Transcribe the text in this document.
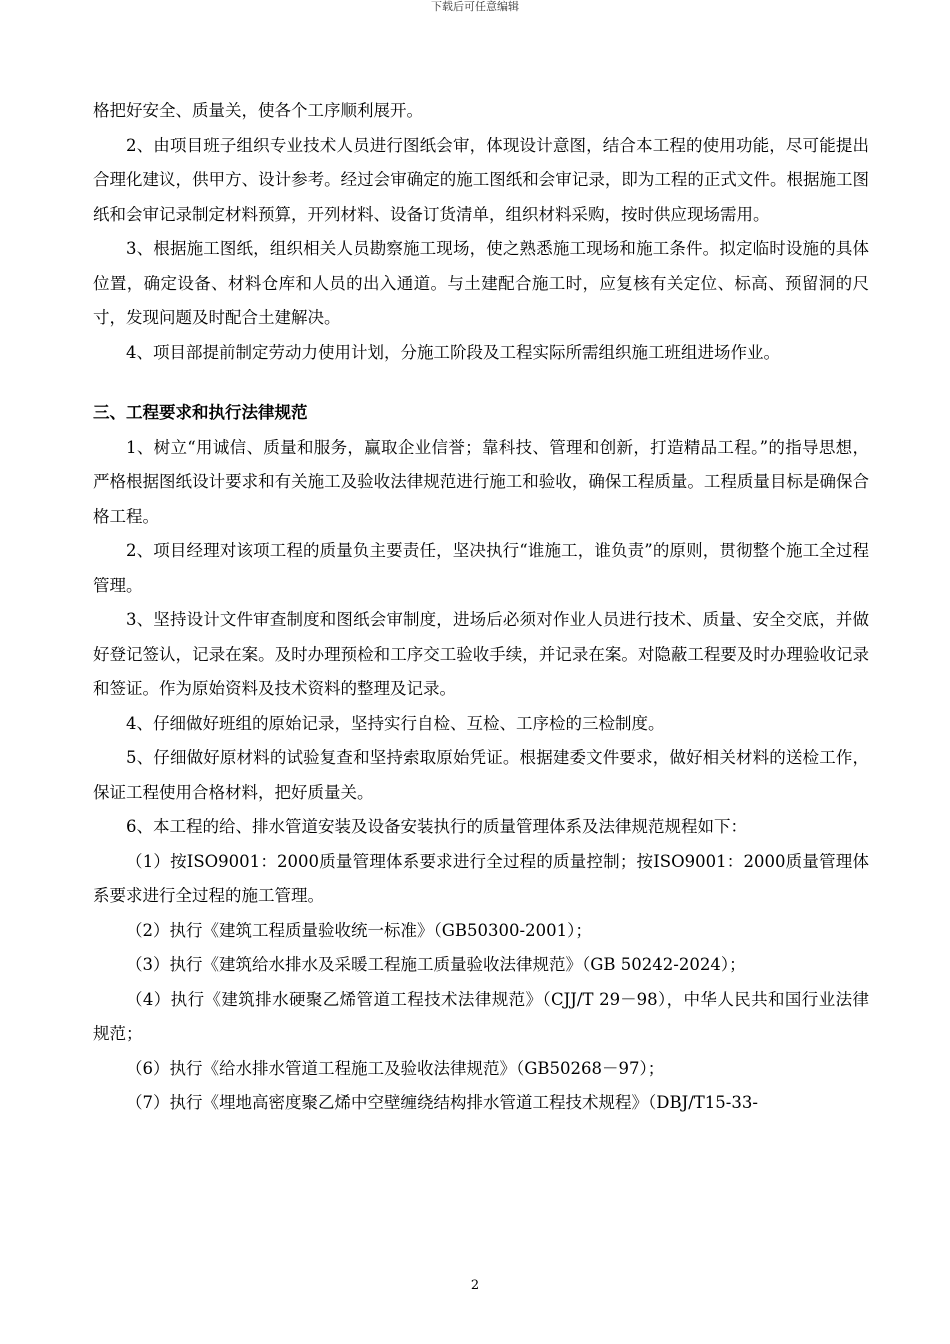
下载后可任意编辑

格把好安全、质量关，使各个工序顺利展开。

2、由项目班子组织专业技术人员进行图纸会审，体现设计意图，结合本工程的使用功能，尽可能提出合理化建议，供甲方、设计参考。经过会审确定的施工图纸和会审记录，即为工程的正式文件。根据施工图纸和会审记录制定材料预算，开列材料、设备订货清单，组织材料采购，按时供应现场需用。

3、根据施工图纸，组织相关人员勘察施工现场，使之熟悉施工现场和施工条件。拟定临时设施的具体位置，确定设备、材料仓库和人员的出入通道。与土建配合施工时，应复核有关定位、标高、预留洞的尺寸，发现问题及时配合土建解决。

4、项目部提前制定劳动力使用计划，分施工阶段及工程实际所需组织施工班组进场作业。

三、工程要求和执行法律规范

1、树立“用诚信、质量和服务，赢取企业信誉；靠科技、管理和创新，打造精品工程。”的指导思想，严格根据图纸设计要求和有关施工及验收法律规范进行施工和验收，确保工程质量。工程质量目标是确保合格工程。

2、项目经理对该项工程的质量负主要责任，坚决执行“谁施工，谁负责”的原则，贯彻整个施工全过程管理。

3、坚持设计文件审查制度和图纸会审制度，进场后必须对作业人员进行技术、质量、安全交底，并做好登记签认，记录在案。及时办理预检和工序交工验收手续，并记录在案。对隐蔽工程要及时办理验收记录和签证。作为原始资料及技术资料的整理及记录。

4、仔细做好班组的原始记录，坚持实行自检、互检、工序检的三检制度。

5、仔细做好原材料的试验复查和坚持索取原始凭证。根据建委文件要求，做好相关材料的送检工作，保证工程使用合格材料，把好质量关。

6、本工程的给、排水管道安装及设备安装执行的质量管理体系及法律规范规程如下：

（1）按ISO9001：2000质量管理体系要求进行全过程的质量控制；按ISO9001：2000质量管理体系要求进行全过程的施工管理。

（2）执行《建筑工程质量验收统一标准》（GB50300-2001）；

（3）执行《建筑给水排水及采暖工程施工质量验收法律规范》（GB 50242-2024）；

（4）执行《建筑排水硬聚乙烯管道工程技术法律规范》（CJJ/T 29－98），中华人民共和国行业法律规范；

（6）执行《给水排水管道工程施工及验收法律规范》（GB50268－97）；

（7）执行《埋地高密度聚乙烯中空壁缠绕结构排水管道工程技术规程》（DBJ/T15-33-

2
